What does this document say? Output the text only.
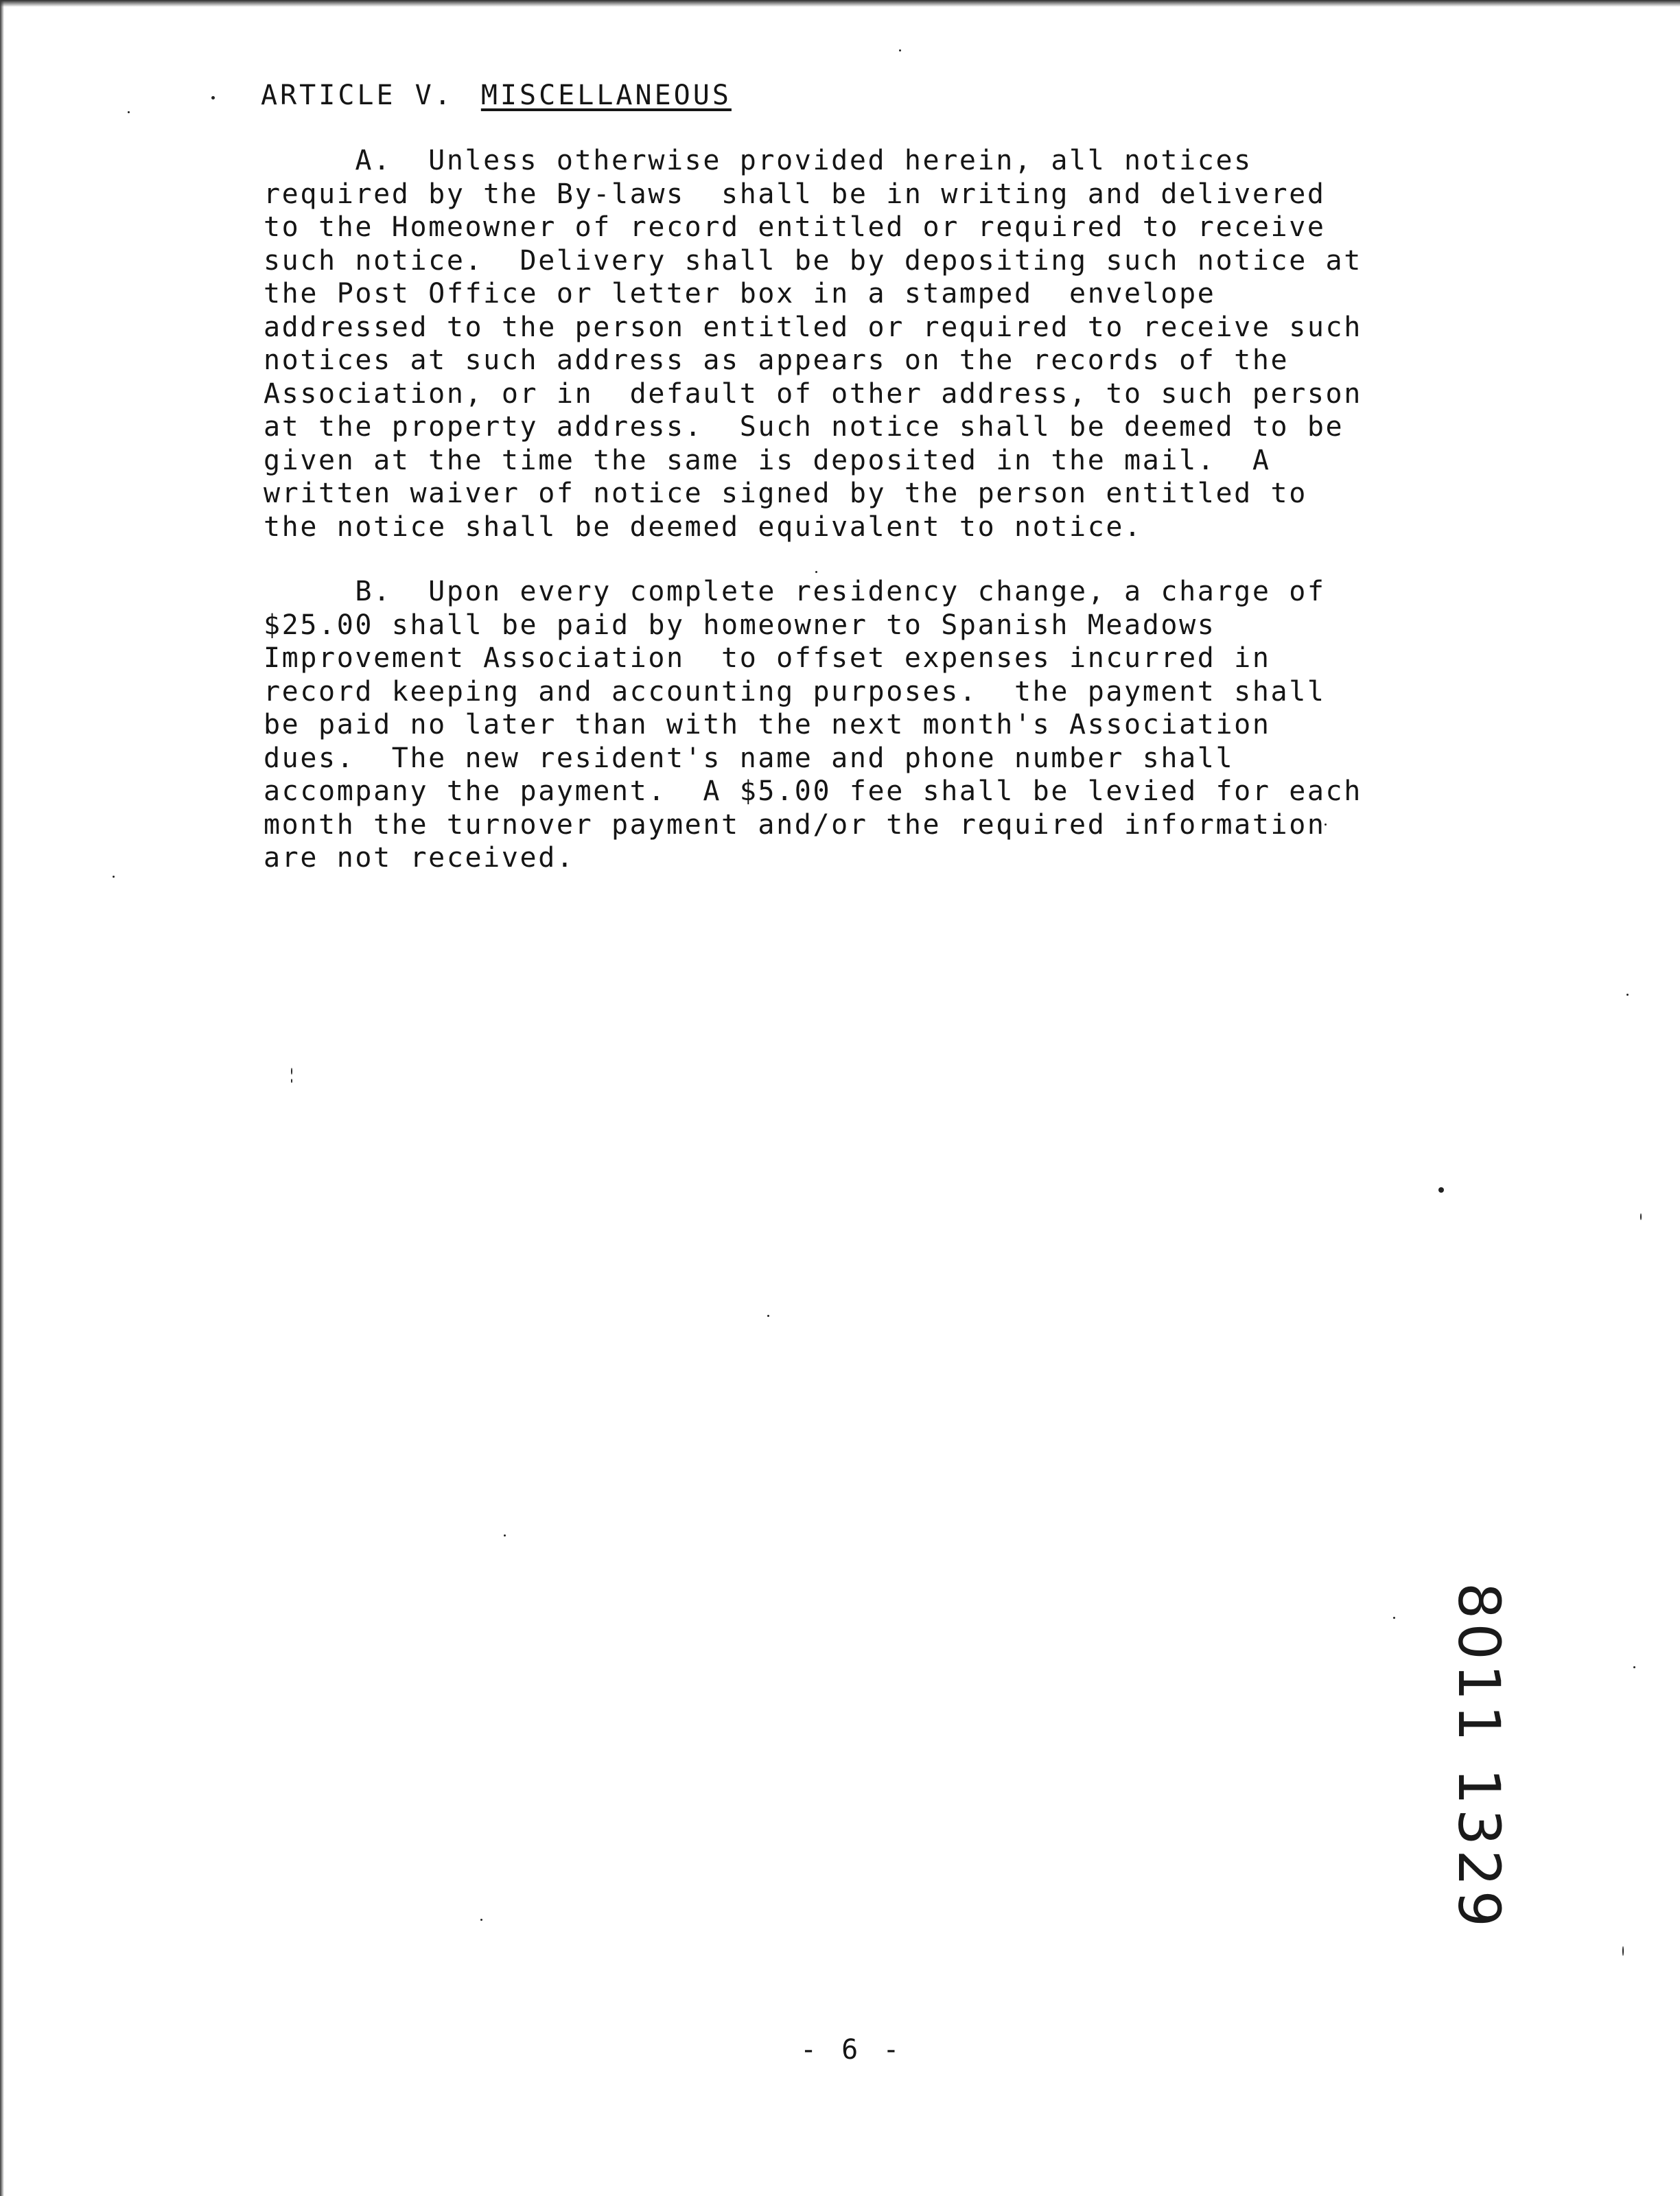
ARTICLE V. MISCELLANEOUS
A.  Unless otherwise provided herein, all notices
required by the By-laws  shall be in writing and delivered
to the Homeowner of record entitled or required to receive
such notice.  Delivery shall be by depositing such notice at
the Post Office or letter box in a stamped  envelope
addressed to the person entitled or required to receive such
notices at such address as appears on the records of the
Association, or in  default of other address, to such person
at the property address.  Such notice shall be deemed to be
given at the time the same is deposited in the mail.  A
written waiver of notice signed by the person entitled to
the notice shall be deemed equivalent to notice.
B.  Upon every complete residency change, a charge of
$25.00 shall be paid by homeowner to Spanish Meadows
Improvement Association  to offset expenses incurred in
record keeping and accounting purposes.  the payment shall
be paid no later than with the next month's Association
dues.  The new resident's name and phone number shall
accompany the payment.  A $5.00 fee shall be levied for each
month the turnover payment and/or the required information
are not received.
8011 1329
- 6 -
